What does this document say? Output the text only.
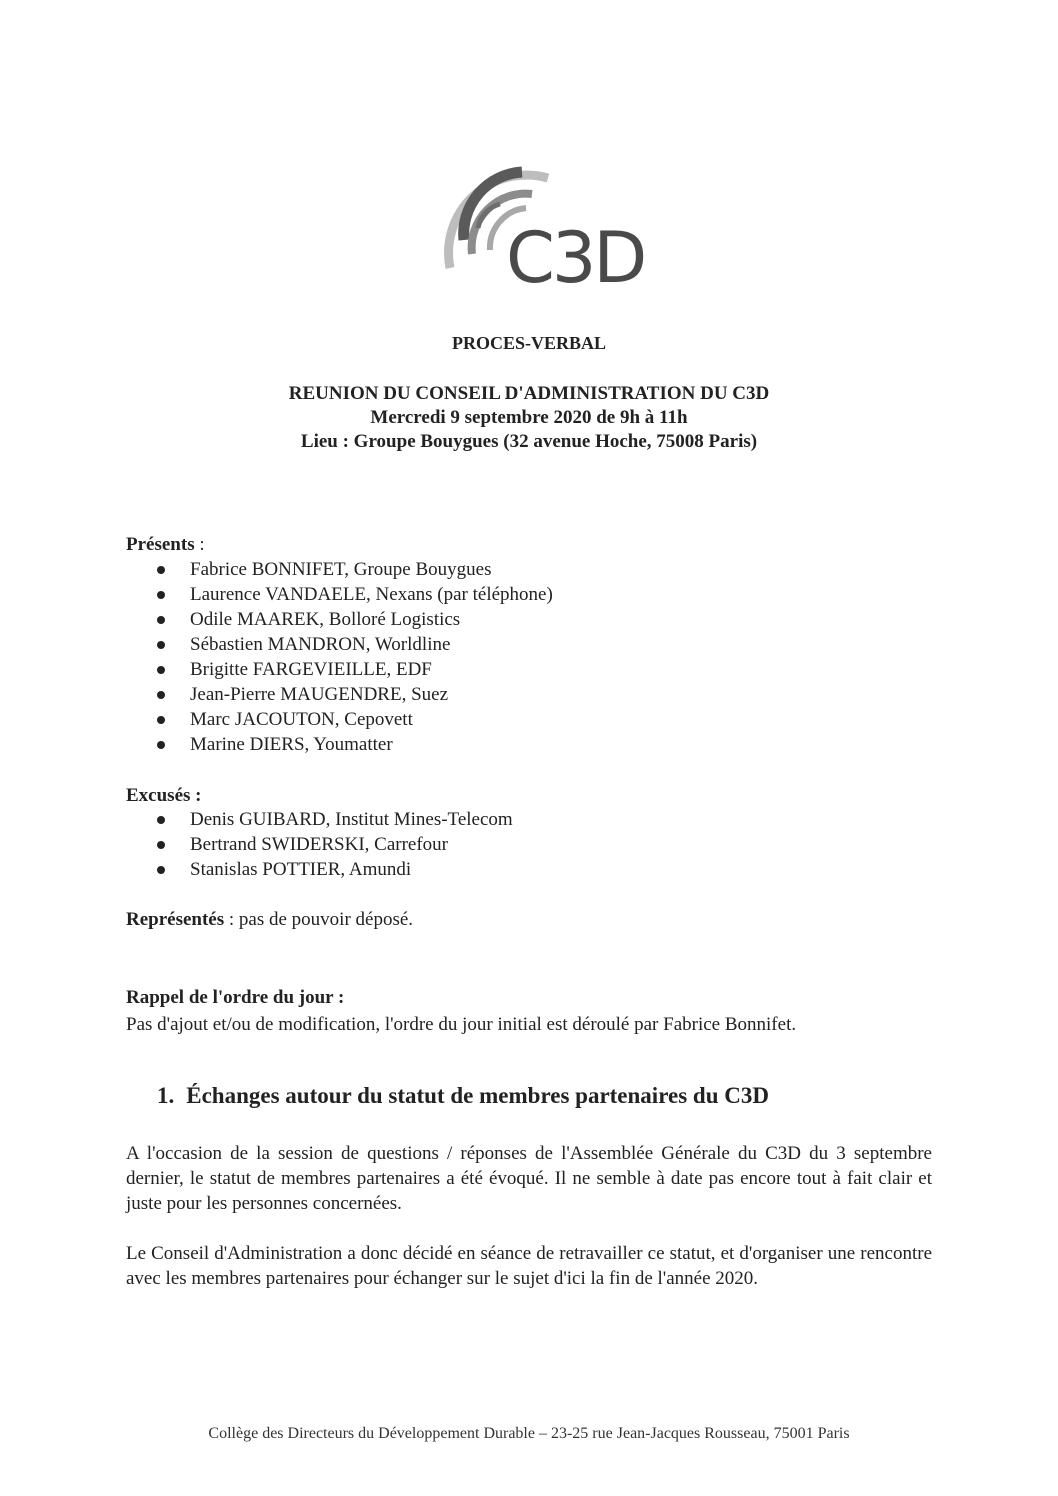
C3D
PROCES-VERBAL
REUNION DU CONSEIL D'ADMINISTRATION DU C3D
Mercredi 9 septembre 2020 de 9h à 11h
Lieu : Groupe Bouygues (32 avenue Hoche, 75008 Paris)
Présents :
Fabrice BONNIFET, Groupe Bouygues
Laurence VANDAELE, Nexans (par téléphone)
Odile MAAREK, Bolloré Logistics
Sébastien MANDRON, Worldline
Brigitte FARGEVIEILLE, EDF
Jean-Pierre MAUGENDRE, Suez
Marc JACOUTON, Cepovett
Marine DIERS, Youmatter
Excusés :
Denis GUIBARD, Institut Mines-Telecom
Bertrand SWIDERSKI, Carrefour
Stanislas POTTIER, Amundi
Représentés : pas de pouvoir déposé.
Rappel de l'ordre du jour :
Pas d'ajout et/ou de modification, l'ordre du jour initial est déroulé par Fabrice Bonnifet.
1. Échanges autour du statut de membres partenaires du C3D
A l'occasion de la session de questions / réponses de l'Assemblée Générale du C3D du 3 septembre dernier, le statut de membres partenaires a été évoqué. Il ne semble à date pas encore tout à fait clair et juste pour les personnes concernées.
Le Conseil d'Administration a donc décidé en séance de retravailler ce statut, et d'organiser une rencontre avec les membres partenaires pour échanger sur le sujet d'ici la fin de l'année 2020.
Collège des Directeurs du Développement Durable – 23-25 rue Jean-Jacques Rousseau, 75001 Paris
